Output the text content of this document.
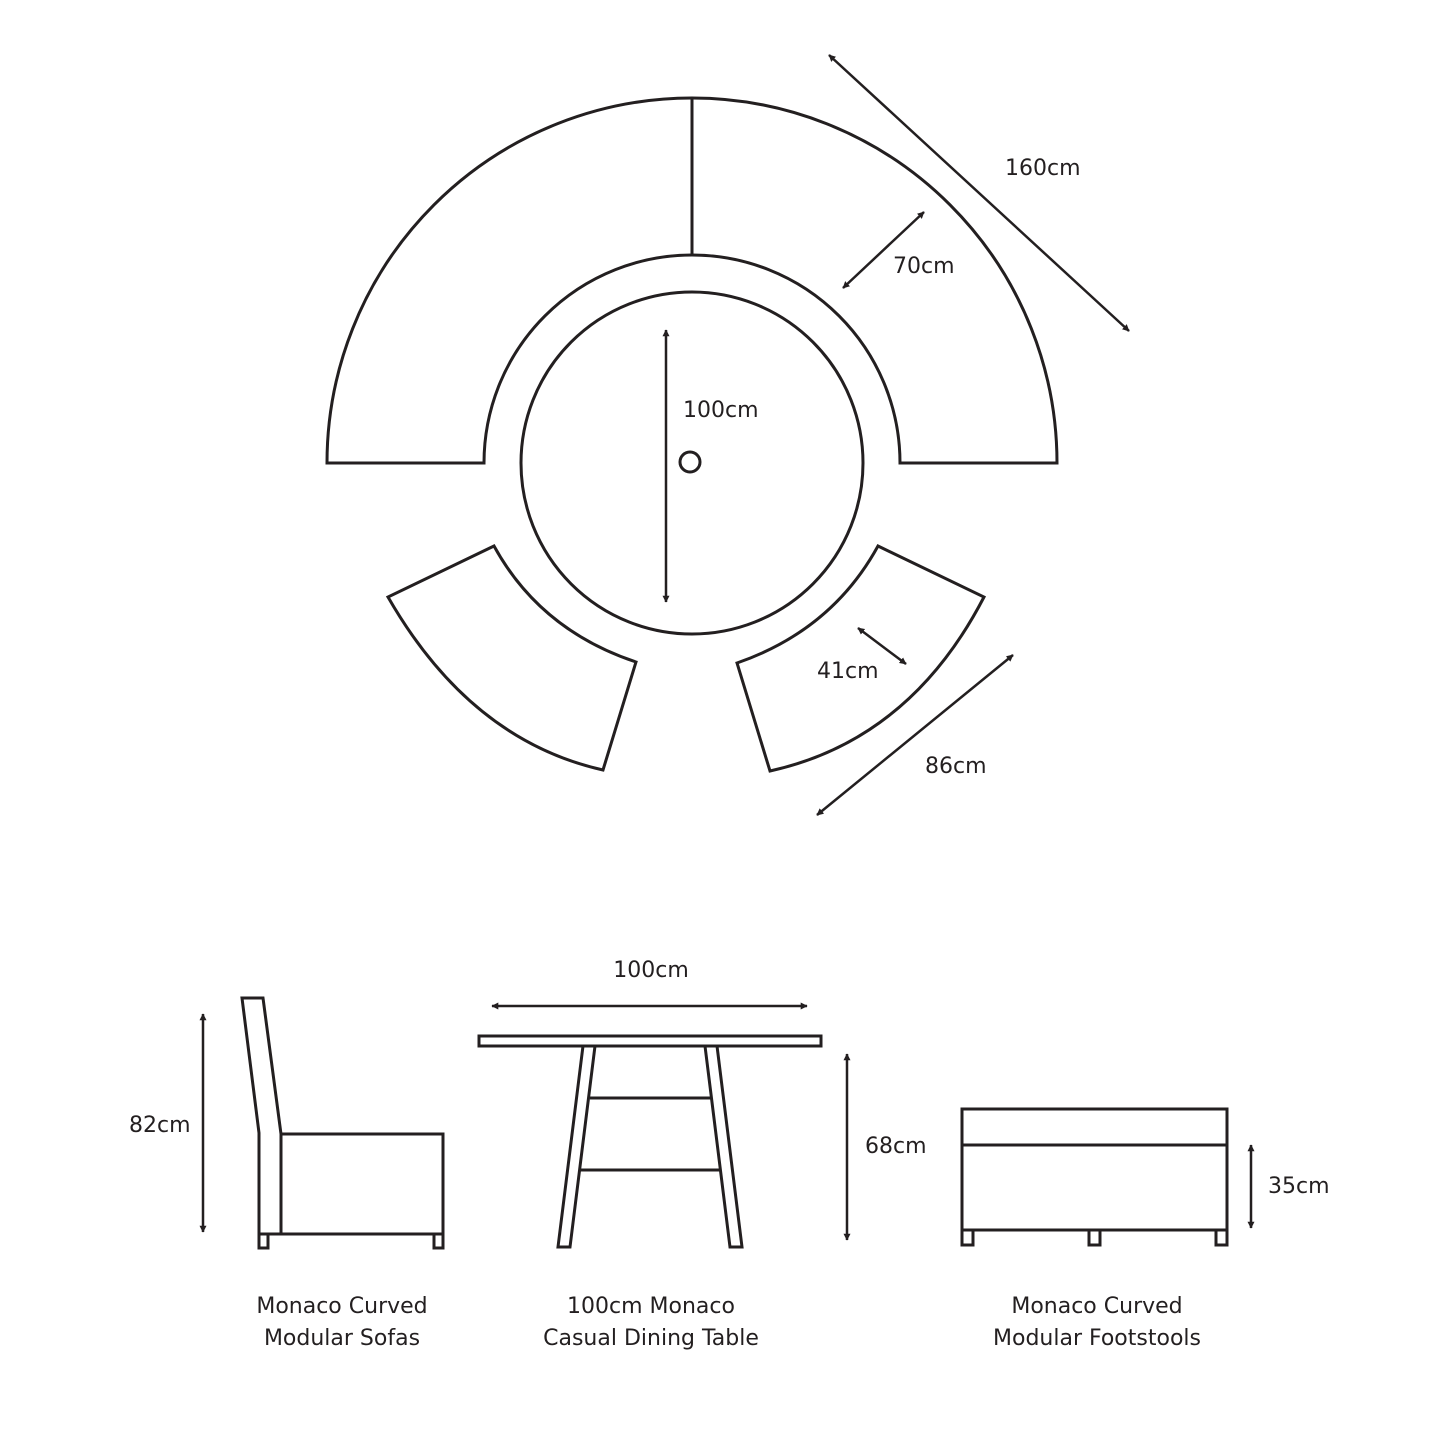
160cm
70cm
100cm
41cm
86cm
82cm
Monaco Curved
Modular Sofas
100cm
68cm
100cm Monaco
Casual Dining Table
35cm
Monaco Curved
Modular Footstools
